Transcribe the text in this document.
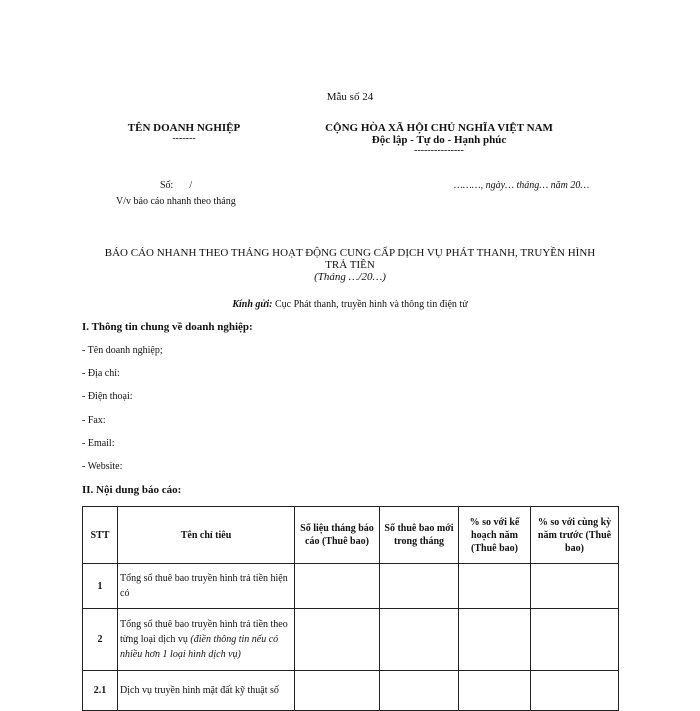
Mẫu số 24
TÊN DOANH NGHIỆP
-------
CỘNG HÒA XÃ HỘI CHỦ NGHĨA VIỆT NAM
Độc lập - Tự do - Hạnh phúc
---------------
Số: /	………, ngày… tháng… năm 20…
V/v báo cáo nhanh theo tháng
BÁO CÁO NHANH THEO THÁNG HOẠT ĐỘNG CUNG CẤP DỊCH VỤ PHÁT THANH, TRUYỀN HÌNH
TRẢ TIỀN
(Tháng …/20…)
Kính gửi: Cục Phát thanh, truyền hình và thông tin điện tử
I. Thông tin chung về doanh nghiệp:
- Tên doanh nghiệp;
- Địa chỉ:
- Điện thoại:
- Fax:
- Email:
- Website:
II. Nội dung báo cáo:
STT	Tên chỉ tiêu	Số liệu tháng báo cáo (Thuê bao)	Số thuê bao mới trong tháng	% so với kế hoạch năm (Thuê bao)	% so với cùng kỳ năm trước (Thuê bao)
1	Tổng số thuê bao truyền hình trả tiền hiện có				
2	Tổng số thuê bao truyền hình trả tiền theo từng loại dịch vụ (điền thông tin nếu có nhiều hơn 1 loại hình dịch vụ)				
2.1	Dịch vụ truyền hình mặt đất kỹ thuật số				
